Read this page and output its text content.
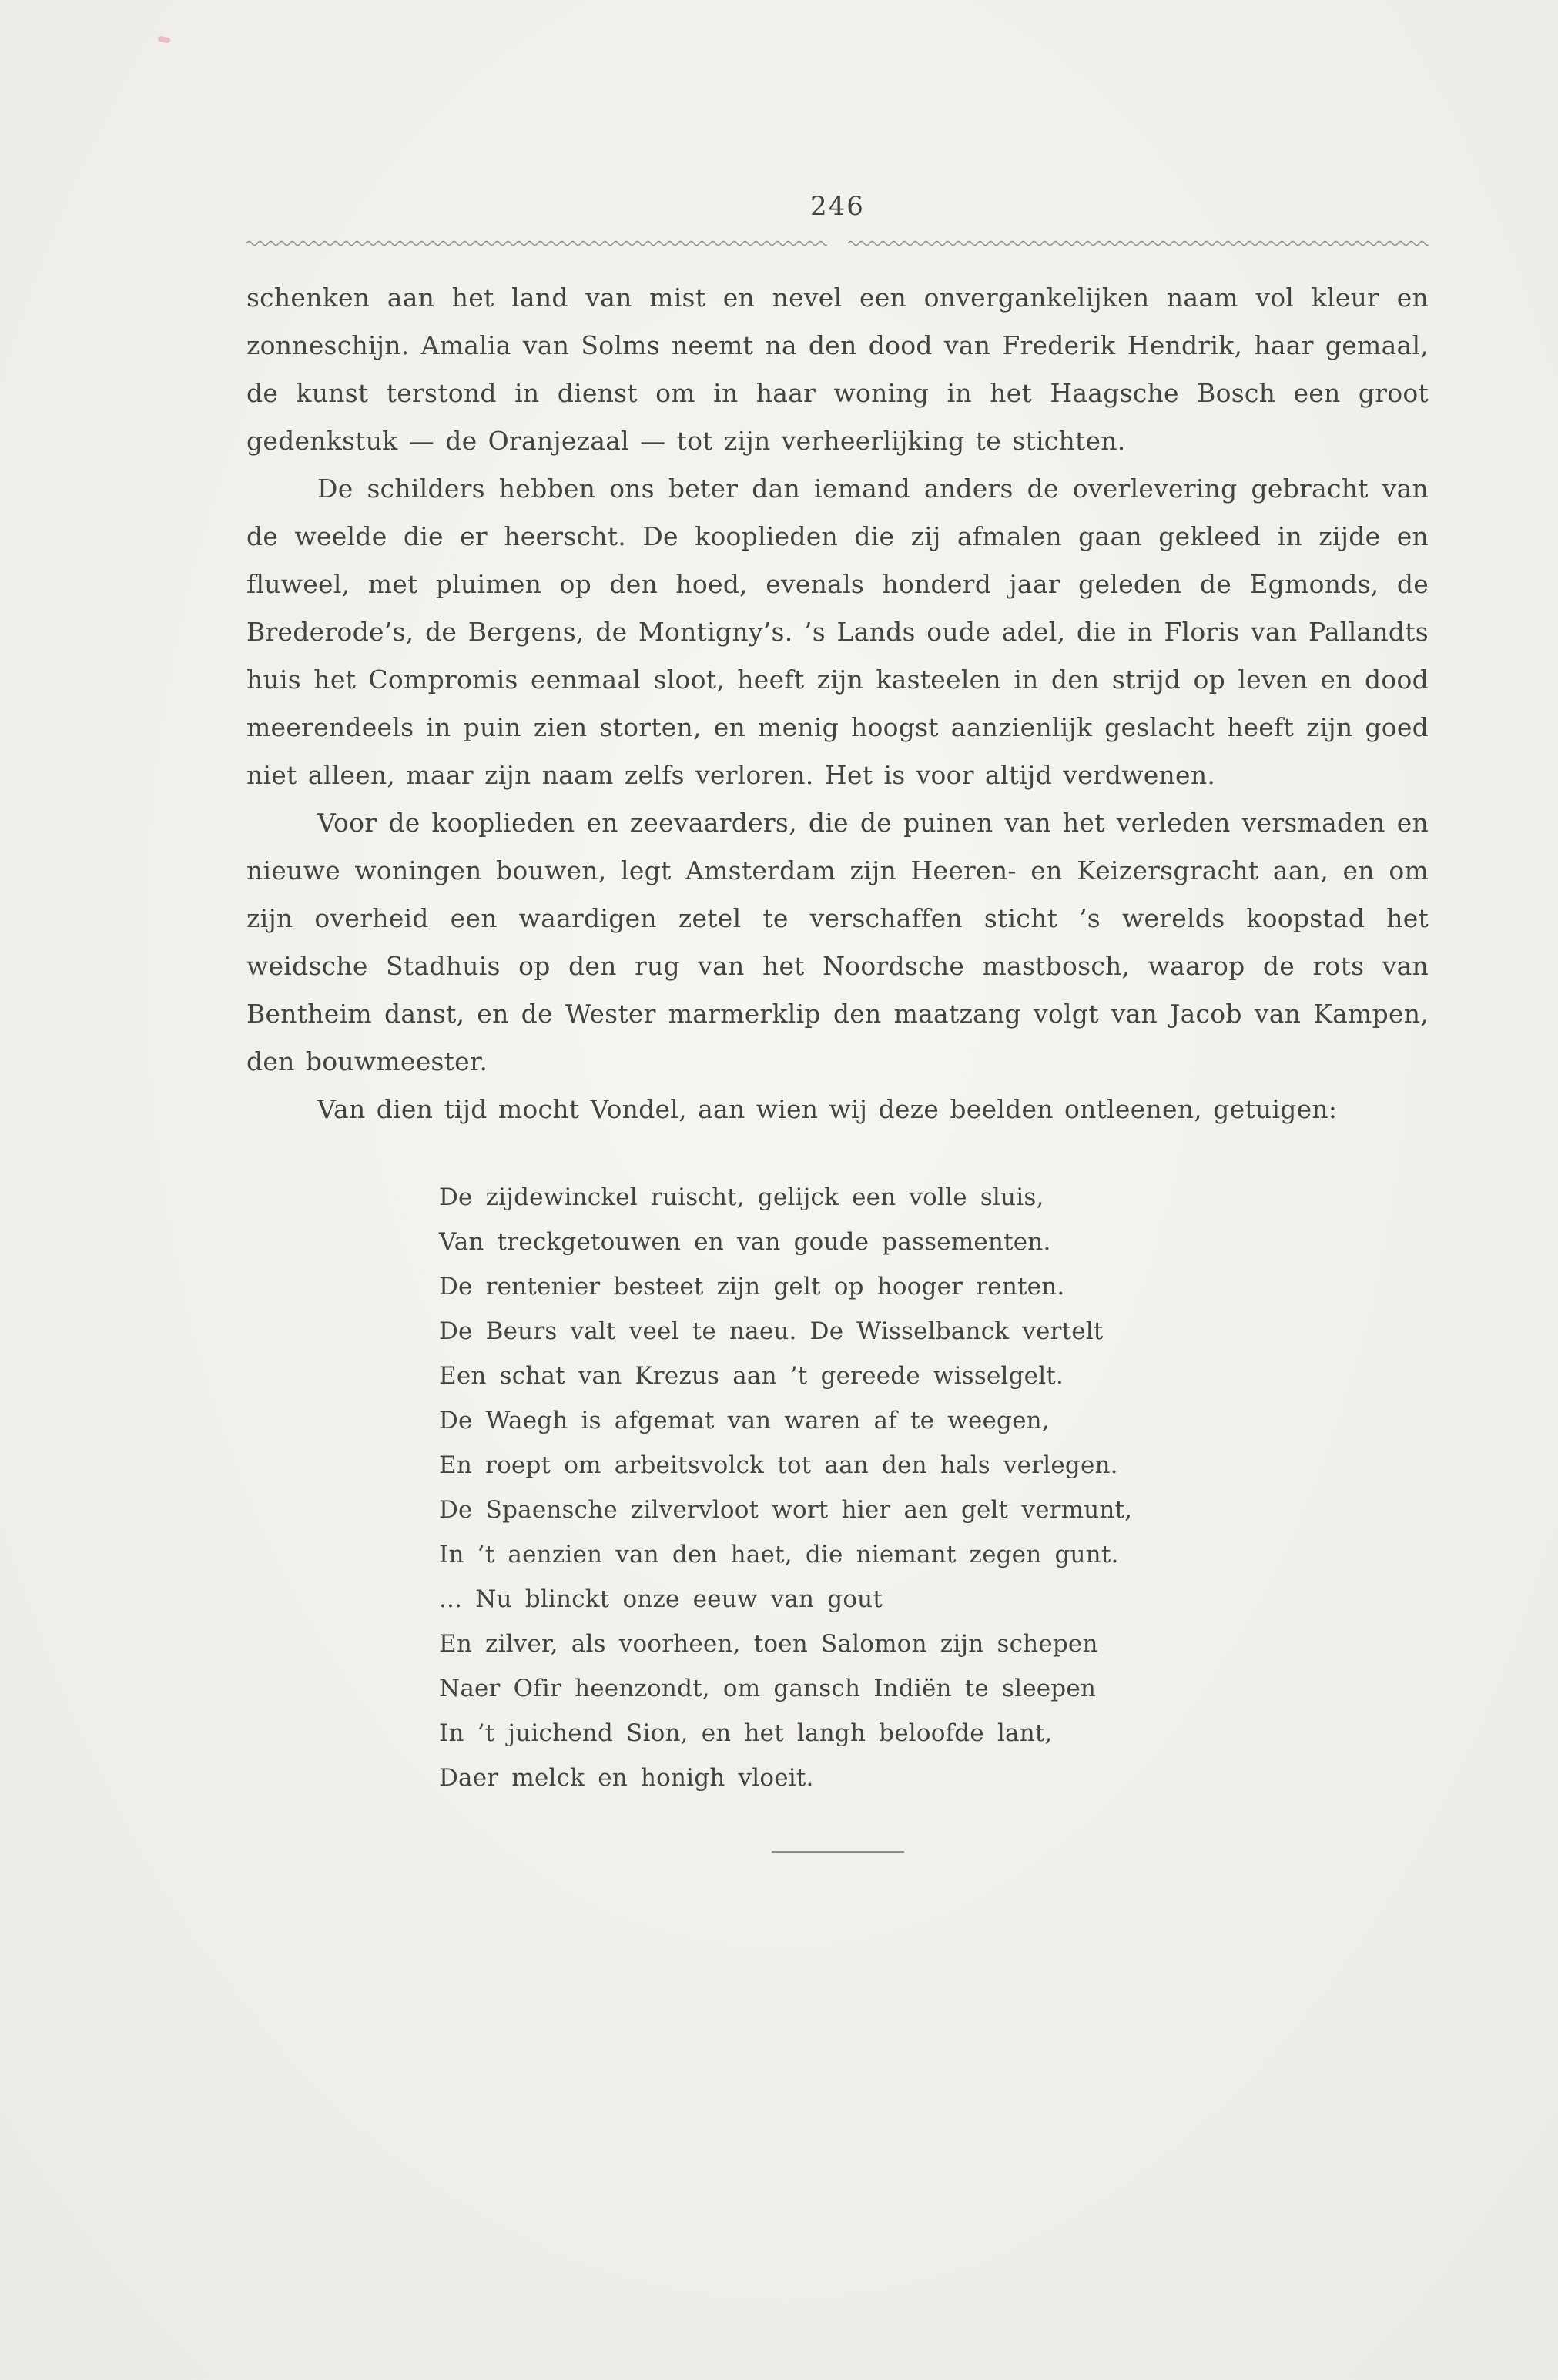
246

schenken aan het land van mist en nevel een onvergankelijken naam vol kleur en zonneschijn. Amalia van Solms neemt na den dood van Frederik Hendrik, haar gemaal, de kunst terstond in dienst om in haar woning in het Haagsche Bosch een groot gedenkstuk — de Oranjezaal — tot zijn verheerlijking te stichten.

De schilders hebben ons beter dan iemand anders de overlevering gebracht van de weelde die er heerscht. De kooplieden die zij afmalen gaan gekleed in zijde en fluweel, met pluimen op den hoed, evenals honderd jaar geleden de Egmonds, de Brederode’s, de Bergens, de Montigny’s. ’s Lands oude adel, die in Floris van Pallandts huis het Compromis eenmaal sloot, heeft zijn kasteelen in den strijd op leven en dood meerendeels in puin zien storten, en menig hoogst aanzienlijk geslacht heeft zijn goed niet alleen, maar zijn naam zelfs verloren. Het is voor altijd verdwenen.

Voor de kooplieden en zeevaarders, die de puinen van het verleden versmaden en nieuwe woningen bouwen, legt Amsterdam zijn Heeren- en Keizersgracht aan, en om zijn overheid een waardigen zetel te verschaffen sticht ’s werelds koopstad het weidsche Stadhuis op den rug van het Noordsche mastbosch, waarop de rots van Bentheim danst, en de Wester marmerklip den maatzang volgt van Jacob van Kampen, den bouwmeester.

Van dien tijd mocht Vondel, aan wien wij deze beelden ontleenen, getuigen:

De zijdewinckel ruischt, gelijck een volle sluis,
Van treckgetouwen en van goude passementen.
De rentenier besteet zijn gelt op hooger renten.
De Beurs valt veel te naeu. De Wisselbanck vertelt
Een schat van Krezus aan ’t gereede wisselgelt.
De Waegh is afgemat van waren af te weegen,
En roept om arbeitsvolck tot aan den hals verlegen.
De Spaensche zilvervloot wort hier aen gelt vermunt,
In ’t aenzien van den haet, die niemant zegen gunt.
... Nu blinckt onze eeuw van gout
En zilver, als voorheen, toen Salomon zijn schepen
Naer Ofir heenzondt, om gansch Indiën te sleepen
In ’t juichend Sion, en het langh beloofde lant,
Daer melck en honigh vloeit.
